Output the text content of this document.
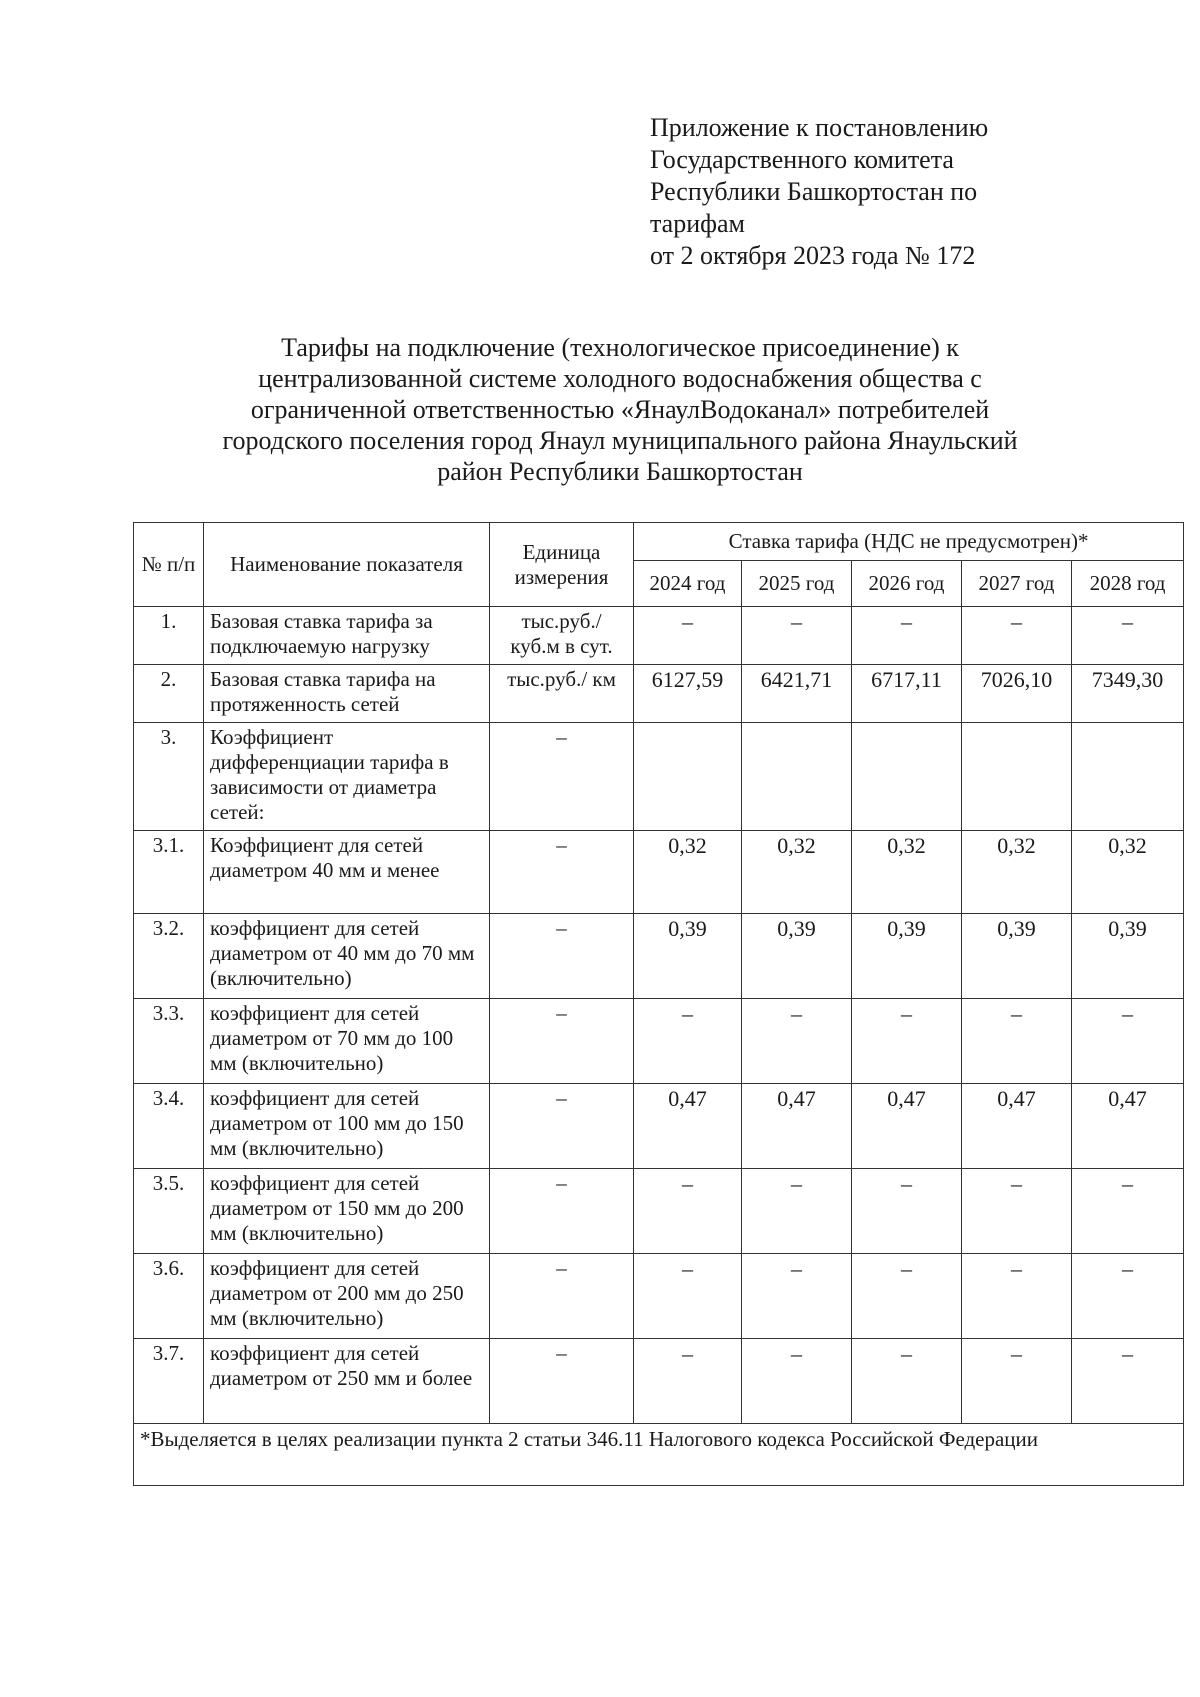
Приложение к постановлению
Государственного комитета
Республики Башкортостан по
тарифам
от 2 октября 2023 года № 172
Тарифы на подключение (технологическое присоединение) к
централизованной системе холодного водоснабжения общества с
ограниченной ответственностью «ЯнаулВодоканал» потребителей
городского поселения город Янаул муниципального района Янаульский
район Республики Башкортостан
№ п/п	Наименование показателя	Единица измерения	Ставка тарифа (НДС не предусмотрен)*				
			2024 год	2025 год	2026 год	2027 год	2028 год
1.	Базовая ставка тарифа за подключаемую нагрузку	тыс.руб./ куб.м в сут.	–	–	–	–	–
2.	Базовая ставка тарифа на протяженность сетей	тыс.руб./ км	6127,59	6421,71	6717,11	7026,10	7349,30
3.	Коэффициент дифференциации тарифа в зависимости от диаметра сетей:	–					
3.1.	Коэффициент для сетей диаметром 40 мм и менее	–	0,32	0,32	0,32	0,32	0,32
3.2.	коэффициент для сетей диаметром от 40 мм до 70 мм (включительно)	–	0,39	0,39	0,39	0,39	0,39
3.3.	коэффициент для сетей диаметром от 70 мм до 100 мм (включительно)	–	–	–	–	–	–
3.4.	коэффициент для сетей диаметром от 100 мм до 150 мм (включительно)	–	0,47	0,47	0,47	0,47	0,47
3.5.	коэффициент для сетей диаметром от 150 мм до 200 мм (включительно)	–	–	–	–	–	–
3.6.	коэффициент для сетей диаметром от 200 мм до 250 мм (включительно)	–	–	–	–	–	–
3.7.	коэффициент для сетей диаметром от 250 мм и более	–	–	–	–	–	–
*Выделяется в целях реализации пункта 2 статьи 346.11 Налогового кодекса Российской Федерации							
